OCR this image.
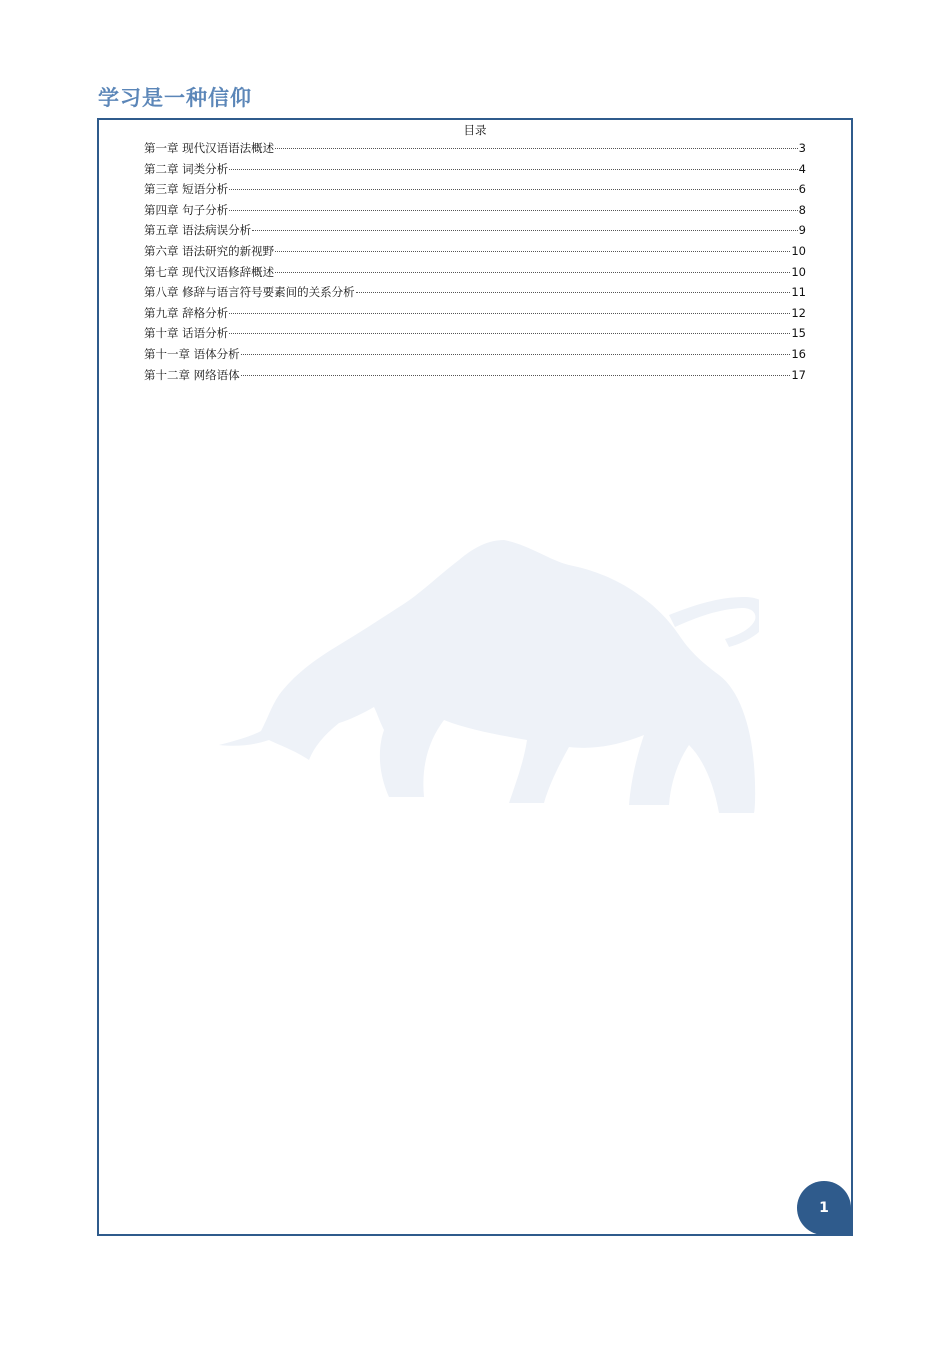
学习是一种信仰
目录
第一章 现代汉语语法概述	3
第二章 词类分析	4
第三章 短语分析	6
第四章 句子分析	8
第五章 语法病误分析	9
第六章 语法研究的新视野	10
第七章 现代汉语修辞概述	10
第八章 修辞与语言符号要素间的关系分析	11
第九章 辞格分析	12
第十章 话语分析	15
第十一章 语体分析	16
第十二章 网络语体	17
1
